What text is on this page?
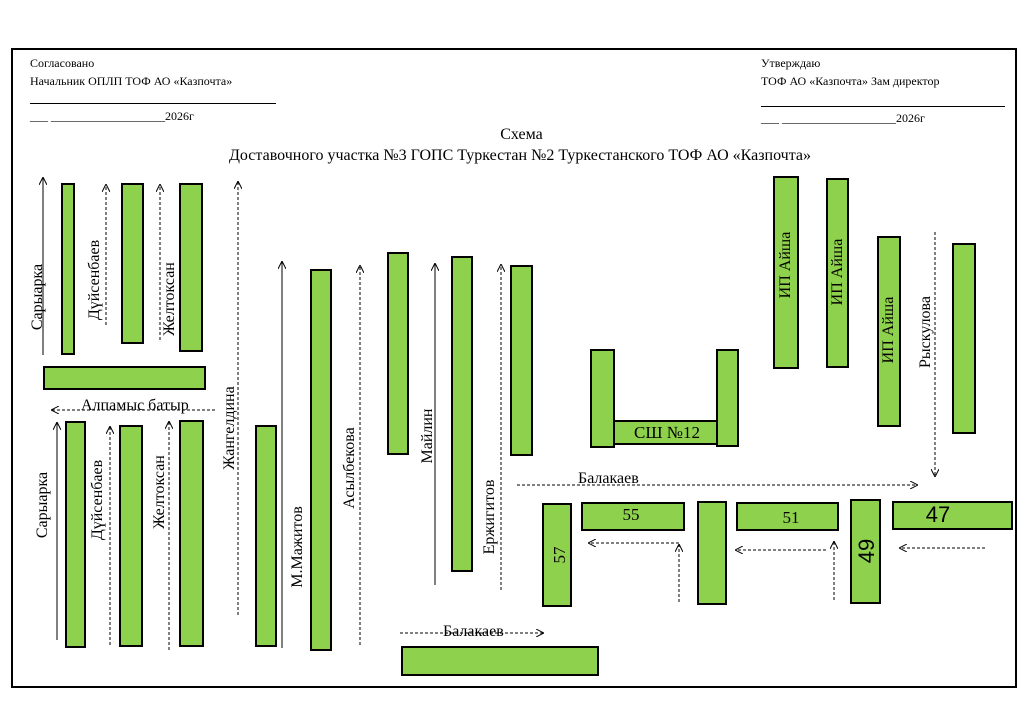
Согласовано
Начальник ОПЛП ТОФ АО «Казпочта»
___ ___________________2026г
Утверждаю
ТОФ АО «Казпочта» Зам директор
___ ___________________2026г
Схема
Доставочного участка №3 ГОПС Туркестан №2 Туркестанского ТОФ АО «Казпочта»
СШ №12
ИП Айша ИП Айша
ИП Айша
57
55	51
49
47
Сарыарка	Дүйсенбаев	Желтоксан
Сарыарка Дүйсенбаев	Желтоксан
Жангелдина
М.Мажитов
Асылбекова	Майлин
Ержигитов
Рыскулова
Алпамыс батыр
Балакаев
Балакаев
